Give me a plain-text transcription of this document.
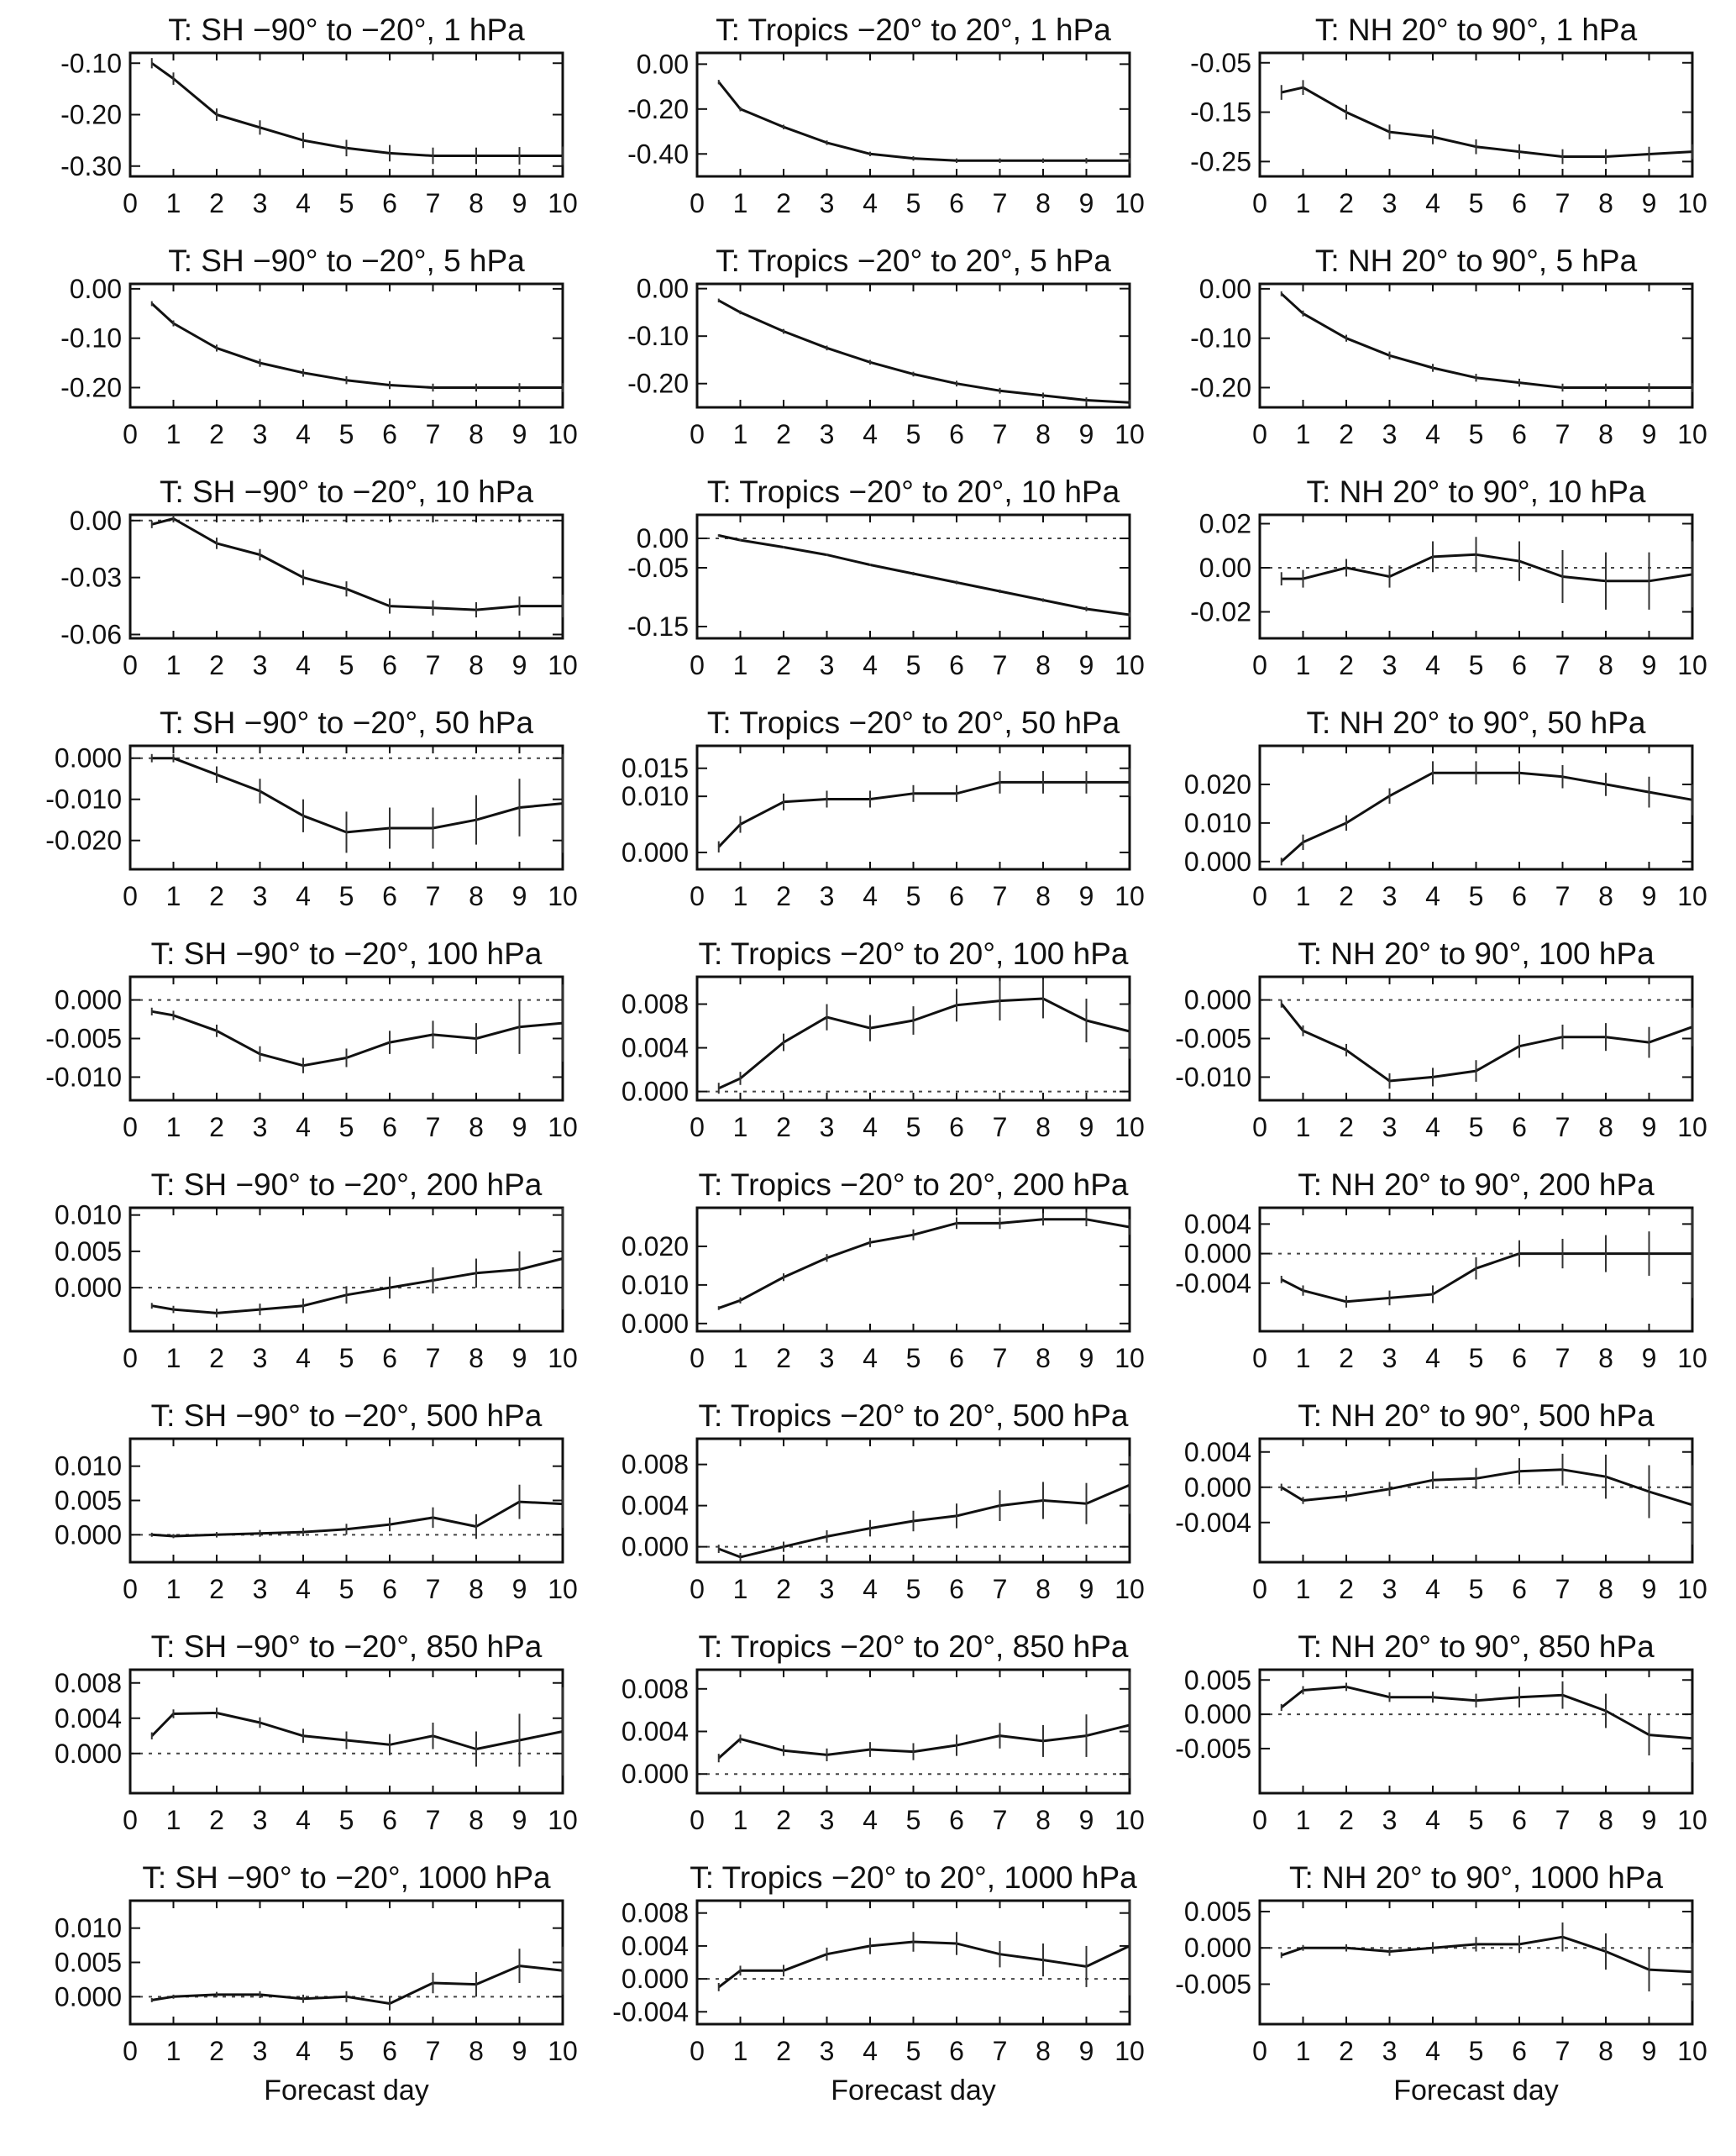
T: SH −90° to −20°, 1 hPa
0 1 2 3 4 5 6 7 8 9 10
-0.10
-0.20
-0.30
T: Tropics −20° to 20°, 1 hPa
0 1 2 3 4 5 6 7 8 9 10
0.00
-0.20
-0.40
T: NH 20° to 90°, 1 hPa
0 1 2 3 4 5 6 7 8 9 10
-0.05
-0.15
-0.25
T: SH −90° to −20°, 5 hPa
0 1 2 3 4 5 6 7 8 9 10
0.00
-0.10
-0.20
T: Tropics −20° to 20°, 5 hPa
0 1 2 3 4 5 6 7 8 9 10
0.00
-0.10
-0.20
T: NH 20° to 90°, 5 hPa
0 1 2 3 4 5 6 7 8 9 10
0.00
-0.10
-0.20
T: SH −90° to −20°, 10 hPa
0 1 2 3 4 5 6 7 8 9 10
0.00
-0.03
-0.06
T: Tropics −20° to 20°, 10 hPa
0 1 2 3 4 5 6 7 8 9 10
0.00
-0.05
-0.15
T: NH 20° to 90°, 10 hPa
0 1 2 3 4 5 6 7 8 9 10
0.02
0.00
-0.02
T: SH −90° to −20°, 50 hPa
0 1 2 3 4 5 6 7 8 9 10
0.000
-0.010
-0.020
T: Tropics −20° to 20°, 50 hPa
0 1 2 3 4 5 6 7 8 9 10
0.015
0.010
0.000
T: NH 20° to 90°, 50 hPa
0 1 2 3 4 5 6 7 8 9 10
0.020
0.010
0.000
T: SH −90° to −20°, 100 hPa
0 1 2 3 4 5 6 7 8 9 10
0.000
-0.005
-0.010
T: Tropics −20° to 20°, 100 hPa
0 1 2 3 4 5 6 7 8 9 10
0.008
0.004
0.000
T: NH 20° to 90°, 100 hPa
0 1 2 3 4 5 6 7 8 9 10
0.000
-0.005
-0.010
T: SH −90° to −20°, 200 hPa
0 1 2 3 4 5 6 7 8 9 10
0.010
0.005
0.000
T: Tropics −20° to 20°, 200 hPa
0 1 2 3 4 5 6 7 8 9 10
0.020
0.010
0.000
T: NH 20° to 90°, 200 hPa
0 1 2 3 4 5 6 7 8 9 10
0.004
0.000
-0.004
T: SH −90° to −20°, 500 hPa
0 1 2 3 4 5 6 7 8 9 10
0.010
0.005
0.000
T: Tropics −20° to 20°, 500 hPa
0 1 2 3 4 5 6 7 8 9 10
0.008
0.004
0.000
T: NH 20° to 90°, 500 hPa
0 1 2 3 4 5 6 7 8 9 10
0.004
0.000
-0.004
T: SH −90° to −20°, 850 hPa
0 1 2 3 4 5 6 7 8 9 10
0.008
0.004
0.000
T: Tropics −20° to 20°, 850 hPa
0 1 2 3 4 5 6 7 8 9 10
0.008
0.004
0.000
T: NH 20° to 90°, 850 hPa
0 1 2 3 4 5 6 7 8 9 10
0.005
0.000
-0.005
T: SH −90° to −20°, 1000 hPa
0 1 2 3 4 5 6 7 8 9 10
0.010
0.005
0.000
Forecast day
T: Tropics −20° to 20°, 1000 hPa
0 1 2 3 4 5 6 7 8 9 10
0.008
0.004
0.000
-0.004
Forecast day
T: NH 20° to 90°, 1000 hPa
0 1 2 3 4 5 6 7 8 9 10
0.005
0.000
-0.005
Forecast day
